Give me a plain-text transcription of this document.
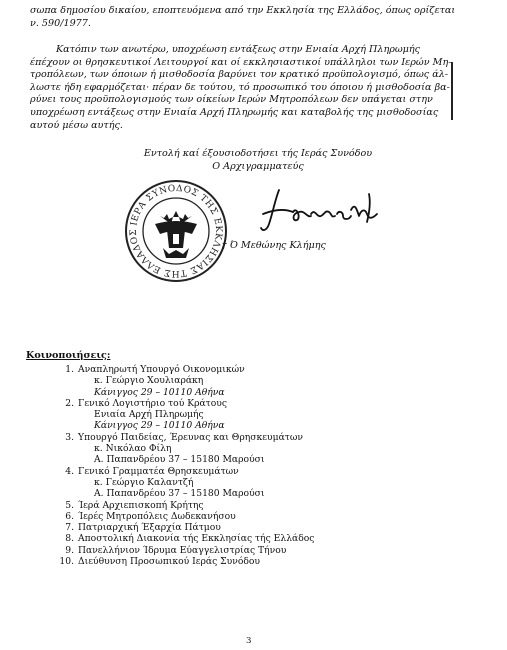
σωπα δημοσίου δικαίου, εποπτευόμενα από την Εκκλησία της Ελλάδος, όπως ορίζεται
ν. 590/1977.
Κατόπιν των ανωτέρω, υποχρέωση εντάξεως στην Ενιαία Αρχή Πληρωμής
έπέχουν οι θρησκευτικοί Λειτουργοί και οί εκκλησιαστικοί υπάλληλοι των Ιερών Μη-
τροπόλεων, των όποιων ή μισθοδοσία βαρύνει τον κρατικό προϋπολογισμό, όπως άλ-
λωστε ήδη εφαρμόζεται· πέραν δε τούτου, τό προσωπικό του όποιου ή μισθοδοσία βα-
ρύνει τους προϋπολογισμούς των οίκείων Ιερών Μητροπόλεων δεν υπάγεται στην
υποχρέωση εντάξεως στην Ενιαία Αρχή Πληρωμής και καταβολής της μισθοδοσίας
αυτού μέσω αυτής.
Εντολή καί έξουσιοδοτήσει τής Ιεράς Συνόδου
Ο Αρχιγραμματεύς
ΙΕΡΑ ΣΥΝΟΔΟΣ ΤΗΣ ΕΚΚΛΗΣΙΑΣ ΤΗΣ ΕΛΛΑΔΟΣ
† Ό Μεθώνης Κλήμης
Κοινοποιήσεις:
1. Αναπληρωτή Υπουργό Οικονομικών
κ. Γεώργιο Χουλιαράκη
Κάνιγγος 29 – 10110 Αθήνα
2. Γενικό Λογιστήριο τού Κράτους
Ενιαία Αρχή Πληρωμής
Κάνιγγος 29 – 10110 Αθήνα
3. Υπουργό Παιδείας, Έρευνας και Θρησκευμάτων
κ. Νικόλαο Φίλη
Α. Παπανδρέου 37 – 15180 Μαρούσι
4. Γενικό Γραμματέα Θρησκευμάτων
κ. Γεώργιο Καλαντζή
Α. Παπανδρέου 37 – 15180 Μαρούσι
5. Ίερά Αρχιεπισκοπή Κρήτης
6. Ίερές Μητροπόλεις Δωδεκανήσου
7. Πατριαρχική Έξαρχία Πάτμου
8. Αποστολική Διακονία τής Εκκλησίας τής Ελλάδος
9. Πανελλήνιον Ίδρυμα Εύαγγελιστρίας Τήνου
10. Διεύθυνση Προσωπικού Ιεράς Συνόδου
3
